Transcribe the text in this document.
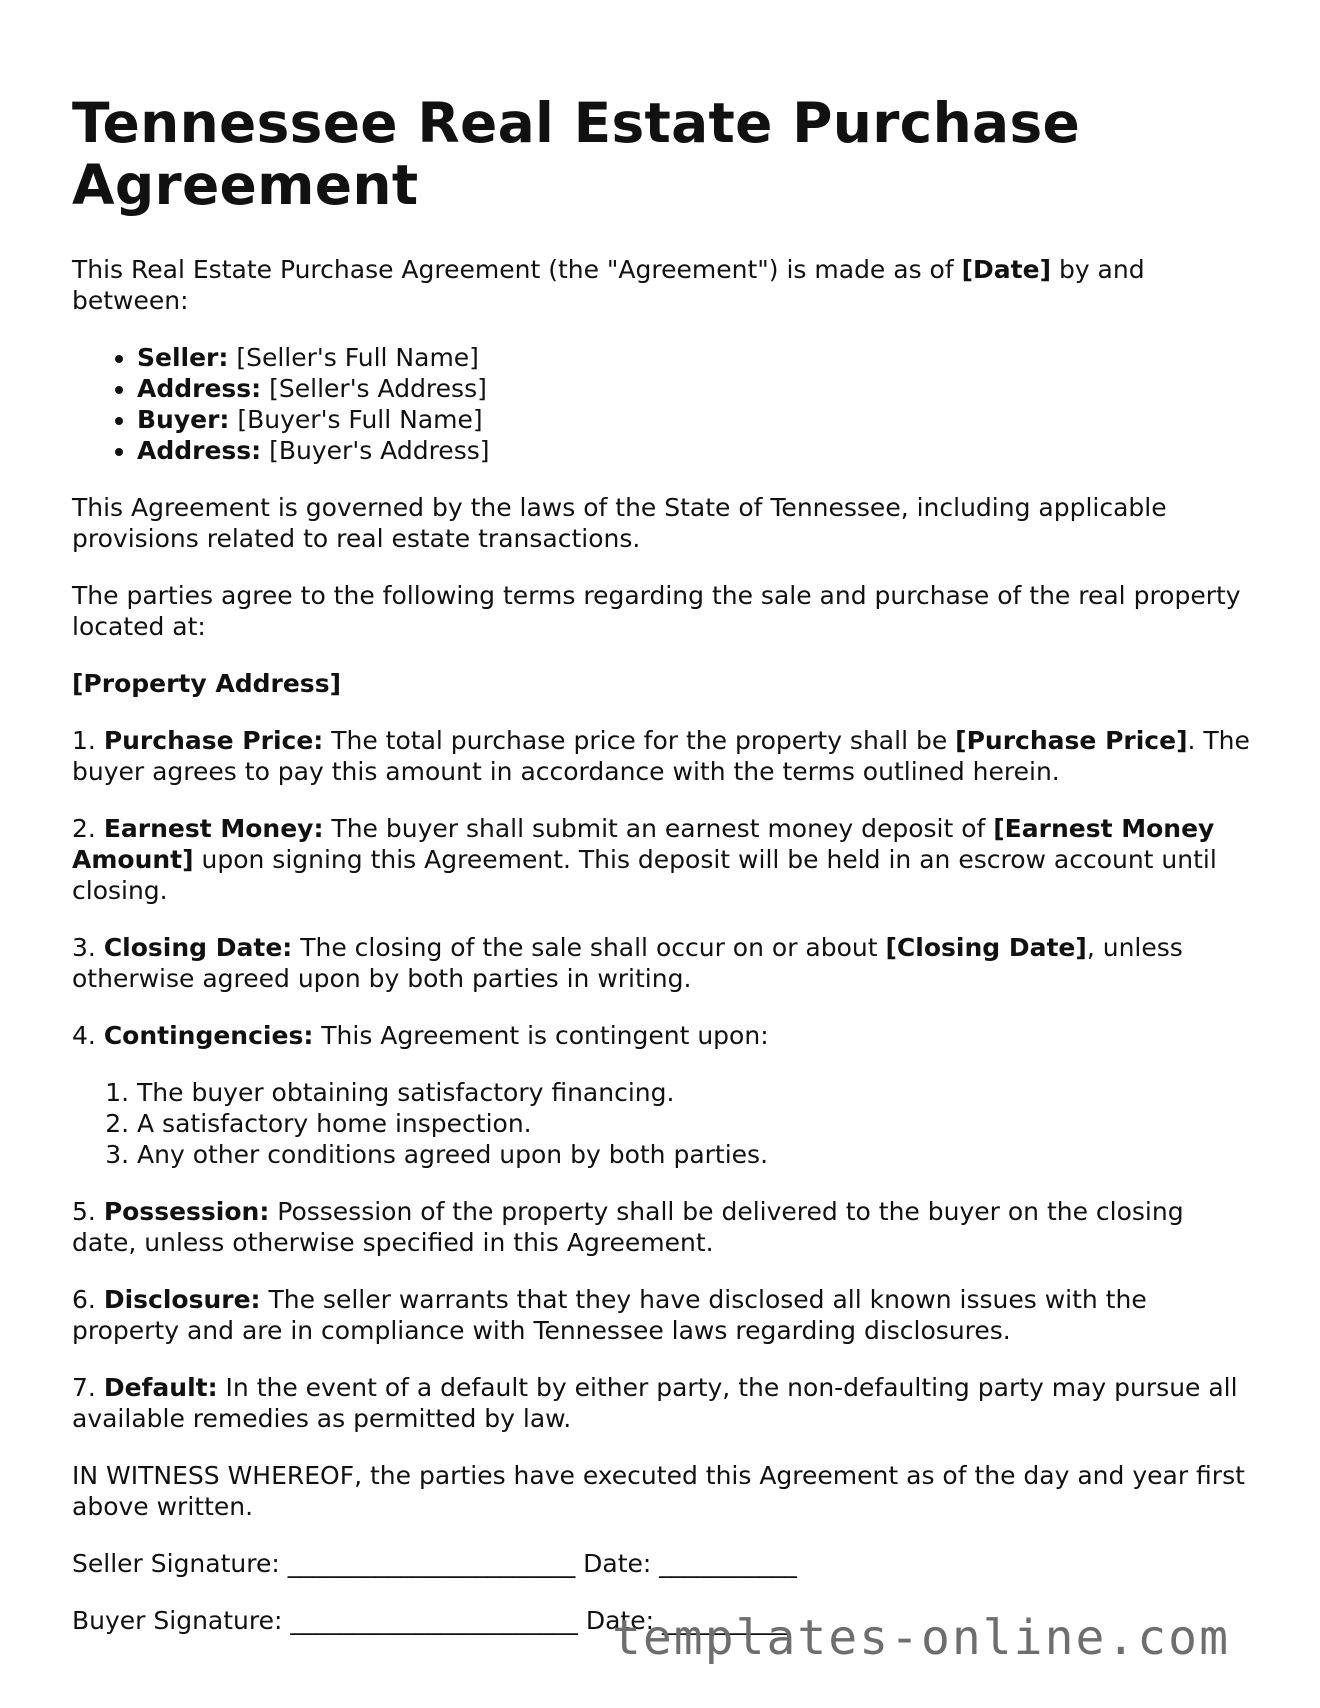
Tennessee Real Estate Purchase Agreement

This Real Estate Purchase Agreement (the "Agreement") is made as of [Date] by and between:

• Seller: [Seller's Full Name]
• Address: [Seller's Address]
• Buyer: [Buyer's Full Name]
• Address: [Buyer's Address]

This Agreement is governed by the laws of the State of Tennessee, including applicable provisions related to real estate transactions.

The parties agree to the following terms regarding the sale and purchase of the real property located at:

[Property Address]

1. Purchase Price: The total purchase price for the property shall be [Purchase Price]. The buyer agrees to pay this amount in accordance with the terms outlined herein.

2. Earnest Money: The buyer shall submit an earnest money deposit of [Earnest Money Amount] upon signing this Agreement. This deposit will be held in an escrow account until closing.

3. Closing Date: The closing of the sale shall occur on or about [Closing Date], unless otherwise agreed upon by both parties in writing.

4. Contingencies: This Agreement is contingent upon:

1. The buyer obtaining satisfactory financing.
2. A satisfactory home inspection.
3. Any other conditions agreed upon by both parties.

5. Possession: Possession of the property shall be delivered to the buyer on the closing date, unless otherwise specified in this Agreement.

6. Disclosure: The seller warrants that they have disclosed all known issues with the property and are in compliance with Tennessee laws regarding disclosures.

7. Default: In the event of a default by either party, the non-defaulting party may pursue all available remedies as permitted by law.

IN WITNESS WHEREOF, the parties have executed this Agreement as of the day and year first above written.

Seller Signature: _______________________ Date: ___________

Buyer Signature: _______________________ Date: __________

templates-online.com
